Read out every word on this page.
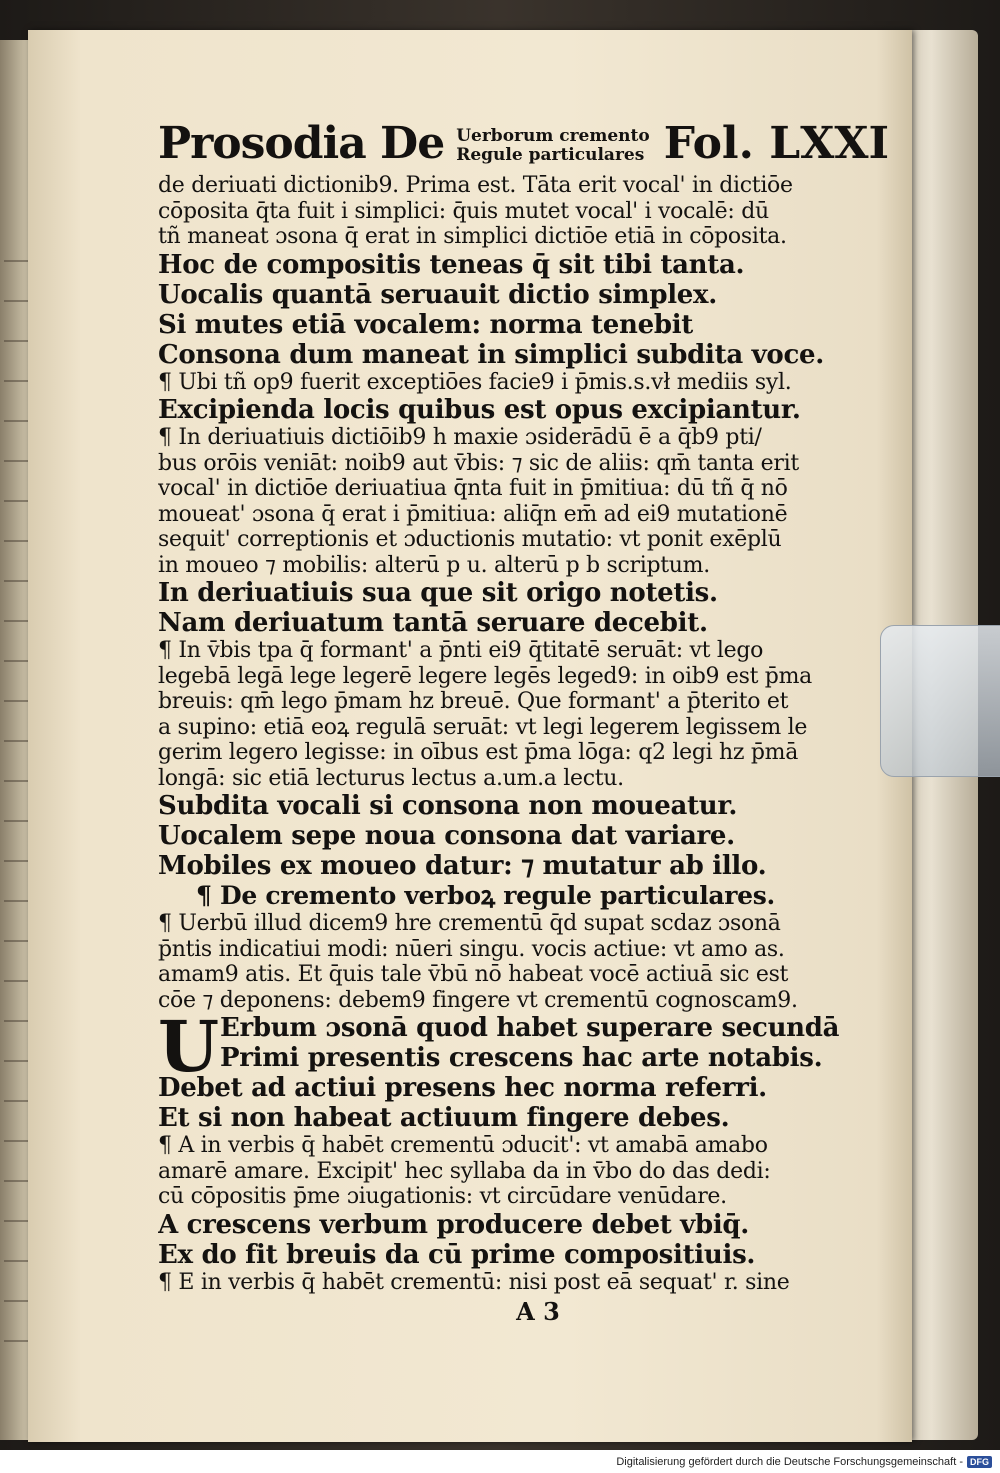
Prosodia De Uerborum cremento
Regule particulares Fol. LXXI
de deriuati dictionib9. Prima est. Tāta erit vocal' in dictiōe
cōposita q̄ta fuit i simplici: q̄uis mutet vocal' i vocalē: dū
tñ maneat ɔsona q̄ erat in simplici dictiōe etiā in cōposita.
Hoc de compositis teneas q̄ sit tibi tanta.
Uocalis quantā seruauit dictio simplex.
Si mutes etiā vocalem: norma tenebit
Consona dum maneat in simplici subdita voce.
¶ Ubi tñ op9 fuerit exceptiōes facie9 i p̄mis.s.vł mediis syl.
Excipienda locis quibus est opus excipiantur.
¶ In deriuatiuis dictiōib9 h̄ maxie ɔsiderādū ē a q̄b9 pti/
bus orōis veniāt: noib9 aut v̄bis: ⁊ sic de aliis: qm̄ tanta erit
vocal' in dictiōe deriuatiua q̄nta fuit in p̄mitiua: dū tñ q̄ nō
moueat' ɔsona q̄ erat i p̄mitiua: aliq̄n em̄ ad ei9 mutationē
sequit' correptionis et ɔductionis mutatio: vt ponit exēplū
in moueo ⁊ mobilis: alterū p u. alterū p b scriptum.
In deriuatiuis sua que sit origo notetis.
Nam deriuatum tantā seruare decebit.
¶ In v̄bis tpa q̄ formant' a p̄nti ei9 q̄titatē seruāt: vt lego
legebā legā lege legerē legere legēs leged9: in oib9 est p̄ma
breuis: qm̄ lego p̄mam h̄z breuē. Que formant' a p̄terito et
a supino: etiā eoꝝ regulā seruāt: vt legi legerem legissem le
gerim legero legisse: in oībus est p̄ma lōga: q2 legi h̄z p̄mā
longā: sic etiā lecturus lectus a.um.a lectu.
Subdita vocali si consona non moueatur.
Uocalem sepe noua consona dat variare.
Mobiles ex moueo datur: ⁊ mutatur ab illo.
¶ De cremento verboꝝ regule particulares.
¶ Uerbū illud dicem9 h̄re crementū q̄d supat scd̄az ɔsonā
p̄ntis indicatiui modi: nūeri singu. vocis actiue: vt amo as.
amam9 atis. Et q̄uis tale v̄bū nō habeat vocē actiuā sic est
cōe ⁊ deponens: debem9 fingere vt crementū cognoscam9.
U Erbum ɔsonā quod habet superare secundā
Primi presentis crescens hac arte notabis.
Debet ad actiui presens hec norma referri.
Et si non habeat actiuum fingere debes.
¶ A in verbis q̄ habēt crementū ɔducit': vt amabā amabo
amarē amare. Excipit' hec syllaba da in v̄bo do das dedi:
cū cōpositis p̄me ɔiugationis: vt circūdare venūdare.
A crescens verbum producere debet vbiq̄.
Ex do fit breuis da cū prime compositiuis.
¶ E in verbis q̄ habēt crementū: nisi post eā sequat' r. sine
A 3
Digitalisierung gefördert durch die Deutsche Forschungsgemeinschaft - DFG
